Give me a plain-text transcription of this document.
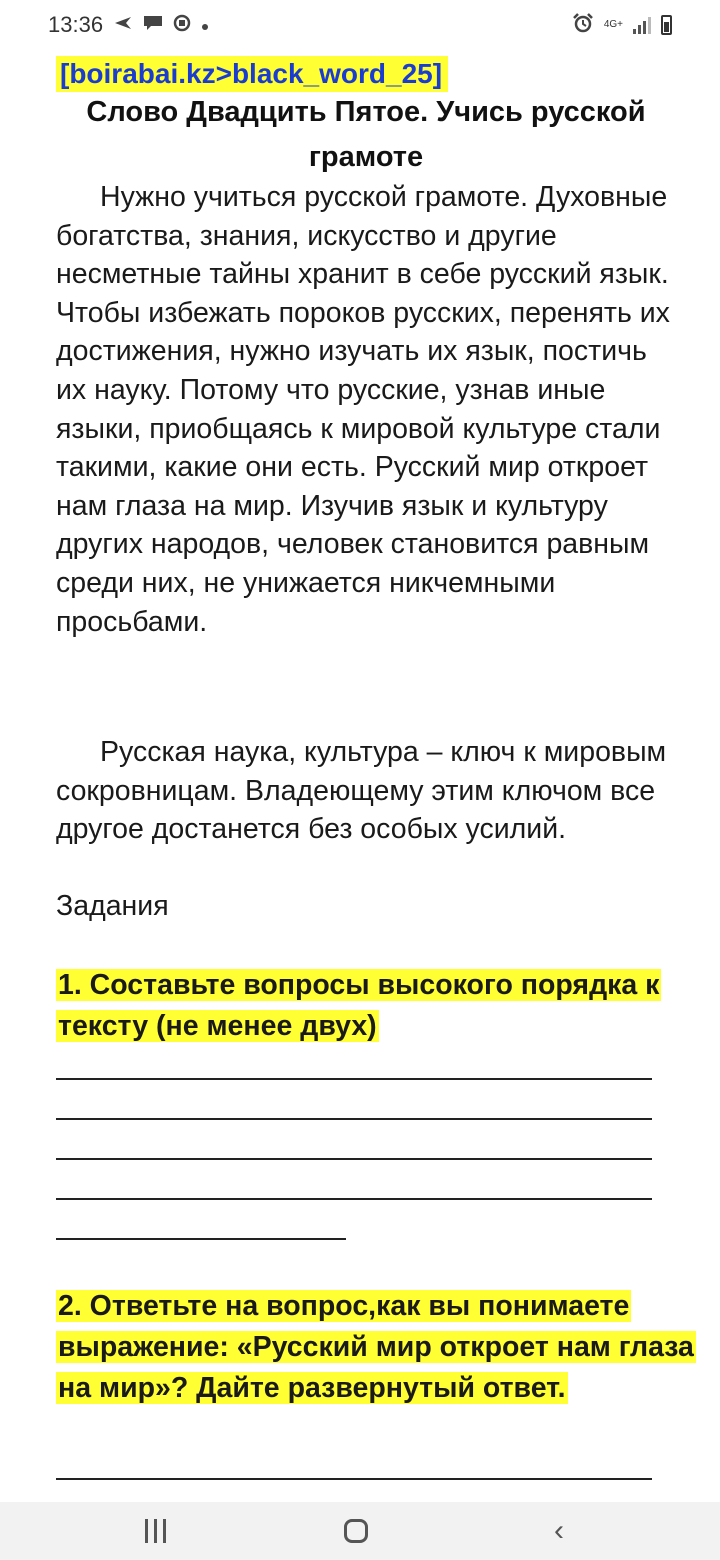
13:36	4G+
[boirabai.kz>black_word_25]
Слово Двадцить Пятое. Учись русской грамоте
Нужно учиться русской грамоте. Духовные богатства, знания, искусство и другие несметные тайны хранит в себе русский язык. Чтобы избежать пороков русских, перенять их достижения, нужно изучать их язык, постичь их науку. Потому что русские, узнав иные языки, приобщаясь к мировой культуре стали такими, какие они есть. Русский мир откроет нам глаза на мир. Изучив язык и культуру других народов, человек становится равным среди них, не унижается никчемными просьбами.
Русская наука, культура – ключ к мировым сокровницам. Владеющему этим ключом все другое достанется без особых усилий.
Задания
1. Составьте вопросы высокого порядка к тексту (не менее двух)
2. Ответьте на вопрос,как вы понимаете выражение: «Русский мир откроет нам глаза на мир»? Дайте развернутый ответ.
‹
